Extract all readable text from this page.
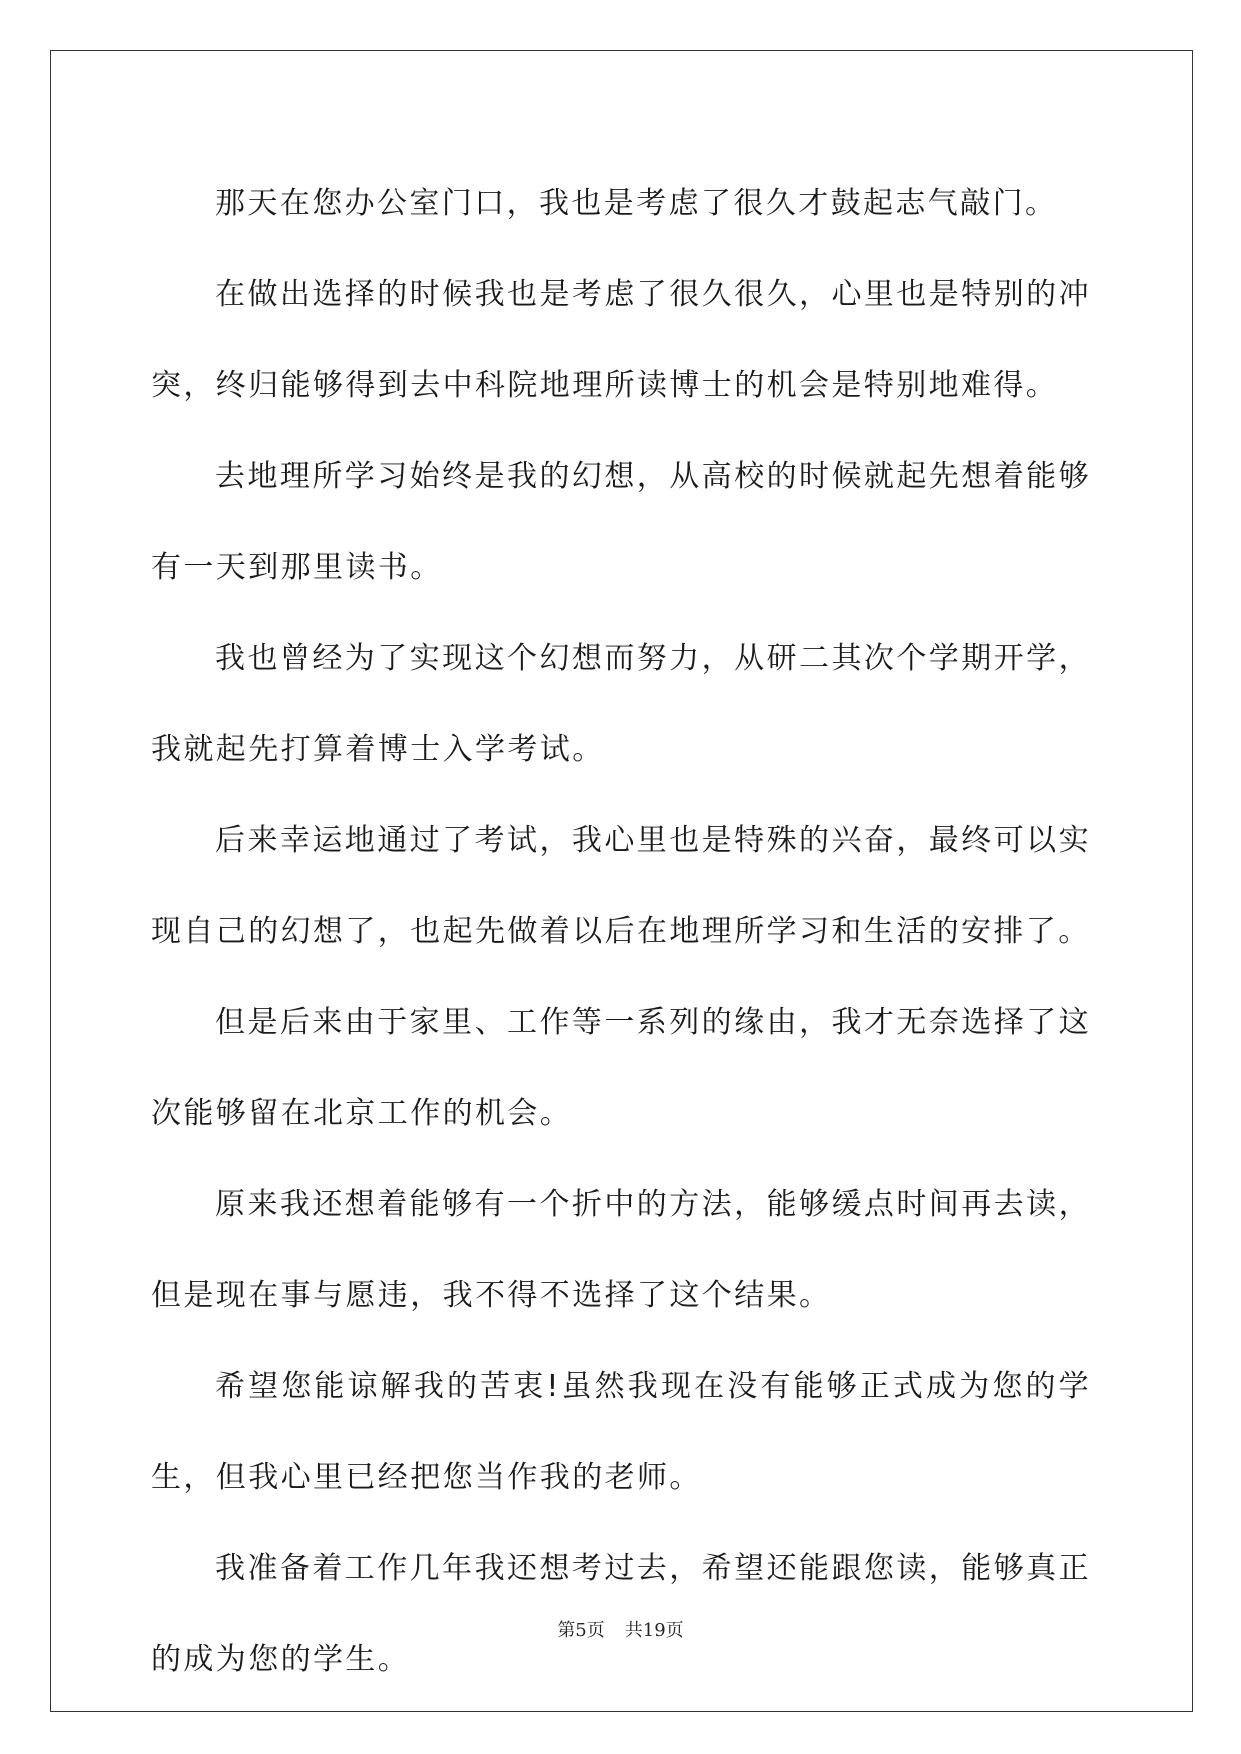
那天在您办公室门口，我也是考虑了很久才鼓起志气敲门。

在做出选择的时候我也是考虑了很久很久，心里也是特别的冲突，终归能够得到去中科院地理所读博士的机会是特别地难得。

去地理所学习始终是我的幻想，从高校的时候就起先想着能够有一天到那里读书。

我也曾经为了实现这个幻想而努力，从研二其次个学期开学，我就起先打算着博士入学考试。

后来幸运地通过了考试，我心里也是特殊的兴奋，最终可以实现自己的幻想了，也起先做着以后在地理所学习和生活的安排了。

但是后来由于家里、工作等一系列的缘由，我才无奈选择了这次能够留在北京工作的机会。

原来我还想着能够有一个折中的方法，能够缓点时间再去读，但是现在事与愿违，我不得不选择了这个结果。

希望您能谅解我的苦衷!虽然我现在没有能够正式成为您的学生，但我心里已经把您当作我的老师。

我准备着工作几年我还想考过去，希望还能跟您读，能够真正的成为您的学生。

第5页 共19页
